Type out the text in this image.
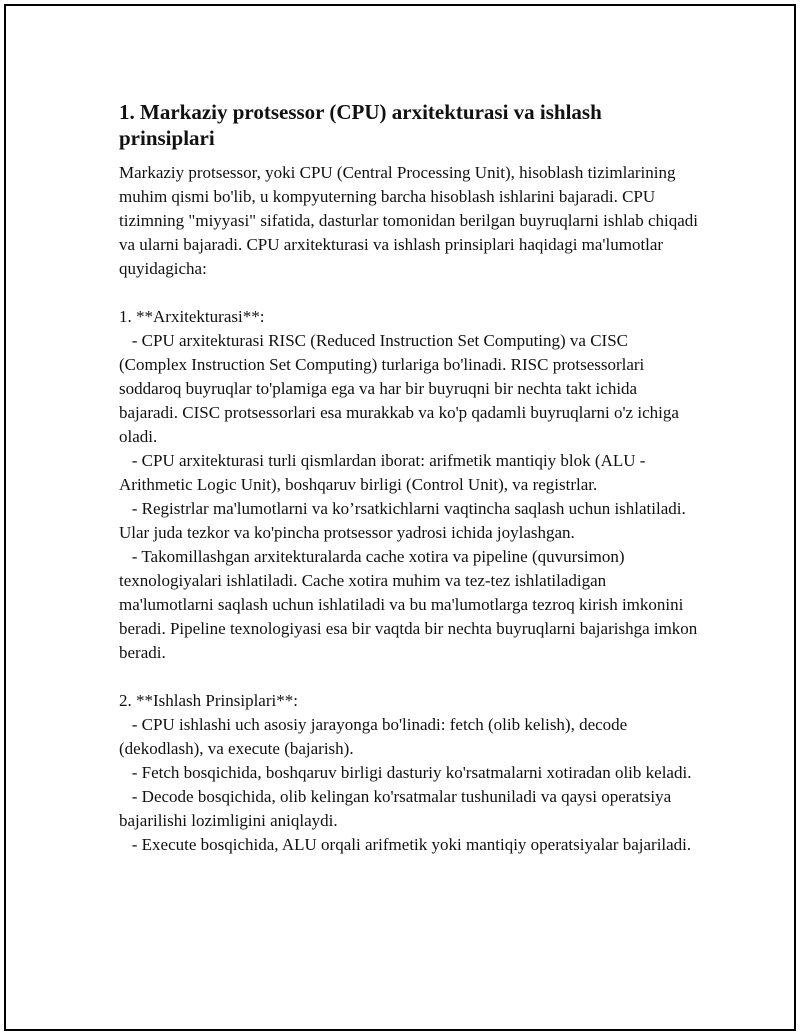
1. Markaziy protsessor (CPU) arxitekturasi va ishlash prinsiplari

Markaziy protsessor, yoki CPU (Central Processing Unit), hisoblash tizimlarining muhim qismi bo'lib, u kompyuterning barcha hisoblash ishlarini bajaradi. CPU tizimning "miyyasi" sifatida, dasturlar tomonidan berilgan buyruqlarni ishlab chiqadi va ularni bajaradi. CPU arxitekturasi va ishlash prinsiplari haqidagi ma'lumotlar quyidagicha:

1. **Arxitekturasi**:

- CPU arxitekturasi RISC (Reduced Instruction Set Computing) va CISC (Complex Instruction Set Computing) turlariga bo'linadi. RISC protsessorlari soddaroq buyruqlar to'plamiga ega va har bir buyruqni bir nechta takt ichida bajaradi. CISC protsessorlari esa murakkab va ko'p qadamli buyruqlarni o'z ichiga oladi.

- CPU arxitekturasi turli qismlardan iborat: arifmetik mantiqiy blok (ALU - Arithmetic Logic Unit), boshqaruv birligi (Control Unit), va registrlar.

- Registrlar ma'lumotlarni va ko’rsatkichlarni vaqtincha saqlash uchun ishlatiladi. Ular juda tezkor va ko'pincha protsessor yadrosi ichida joylashgan.

- Takomillashgan arxitekturalarda cache xotira va pipeline (quvursimon) texnologiyalari ishlatiladi. Cache xotira muhim va tez-tez ishlatiladigan ma'lumotlarni saqlash uchun ishlatiladi va bu ma'lumotlarga tezroq kirish imkonini beradi. Pipeline texnologiyasi esa bir vaqtda bir nechta buyruqlarni bajarishga imkon beradi.

2. **Ishlash Prinsiplari**:

- CPU ishlashi uch asosiy jarayonga bo'linadi: fetch (olib kelish), decode (dekodlash), va execute (bajarish).

- Fetch bosqichida, boshqaruv birligi dasturiy ko'rsatmalarni xotiradan olib keladi.

- Decode bosqichida, olib kelingan ko'rsatmalar tushuniladi va qaysi operatsiya bajarilishi lozimligini aniqlaydi.

- Execute bosqichida, ALU orqali arifmetik yoki mantiqiy operatsiyalar bajariladi.
